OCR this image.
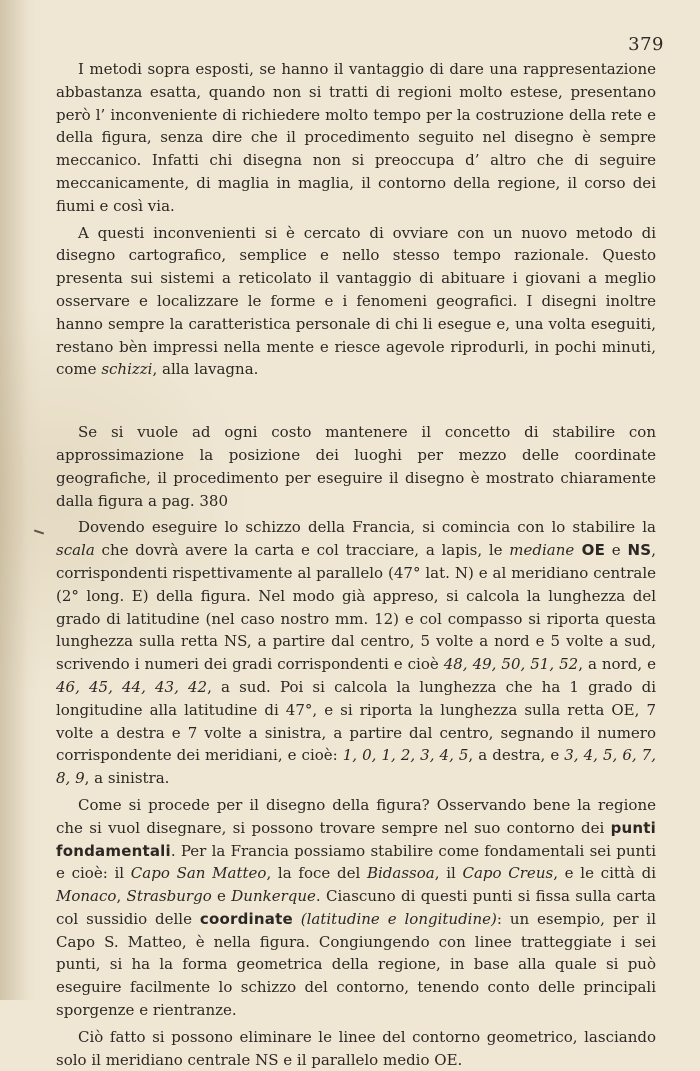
379

I metodi sopra esposti, se hanno il vantaggio di dare una rappresentazione abbastanza esatta, quando non si tratti di regioni molto estese, presentano però l’ inconveniente di richiedere molto tempo per la costruzione della rete e della figura, senza dire che il procedimento seguito nel disegno è sempre meccanico. Infatti chi disegna non si preoccupa d’ altro che di seguire meccanicamente, di maglia in maglia, il contorno della regione, il corso dei fiumi e così via.

A questi inconvenienti si è cercato di ovviare con un nuovo metodo di disegno cartografico, semplice e nello stesso tempo razionale. Questo presenta sui sistemi a reticolato il vantaggio di abituare i giovani a meglio osservare e localizzare le forme e i fenomeni geografici. I disegni inoltre hanno sempre la caratteristica personale di chi li esegue e, una volta eseguiti, restano bèn impressi nella mente e riesce agevole riprodurli, in pochi minuti, come schizzi, alla lavagna.

Se si vuole ad ogni costo mantenere il concetto di stabilire con approssimazione la posizione dei luoghi per mezzo delle coordinate geografiche, il procedimento per eseguire il disegno è mostrato chiaramente dalla figura a pag. 380

Dovendo eseguire lo schizzo della Francia, si comincia con lo stabilire la scala che dovrà avere la carta e col tracciare, a lapis, le mediane OE e NS, corrispondenti rispettivamente al parallelo (47° lat. N) e al meridiano centrale (2° long. E) della figura. Nel modo già appreso, si calcola la lunghezza del grado di latitudine (nel caso nostro mm. 12) e col compasso si riporta questa lunghezza sulla retta NS, a partire dal centro, 5 volte a nord e 5 volte a sud, scrivendo i numeri dei gradi corrispondenti e cioè 48, 49, 50, 51, 52, a nord, e 46, 45, 44, 43, 42, a sud. Poi si calcola la lunghezza che ha 1 grado di longitudine alla latitudine di 47°, e si riporta la lunghezza sulla retta OE, 7 volte a destra e 7 volte a sinistra, a partire dal centro, segnando il numero corrispondente dei meridiani, e cioè: 1, 0, 1, 2, 3, 4, 5, a destra, e 3, 4, 5, 6, 7, 8, 9, a sinistra.

Come si procede per il disegno della figura? Osservando bene la regione che si vuol disegnare, si possono trovare sempre nel suo contorno dei punti fondamentali. Per la Francia possiamo stabilire come fondamentali sei punti e cioè: il Capo San Matteo, la foce del Bidassoa, il Capo Creus, e le città di Monaco, Strasburgo e Dunkerque. Ciascuno di questi punti si fissa sulla carta col sussidio delle coordinate (latitudine e longitudine): un esempio, per il Capo S. Matteo, è nella figura. Congiungendo con linee tratteggiate i sei punti, si ha la forma geometrica della regione, in base alla quale si può eseguire facilmente lo schizzo del contorno, tenendo conto delle principali sporgenze e rientranze.

Ciò fatto si possono eliminare le linee del contorno geometrico, lasciando solo il meridiano centrale NS e il parallelo medio OE.
